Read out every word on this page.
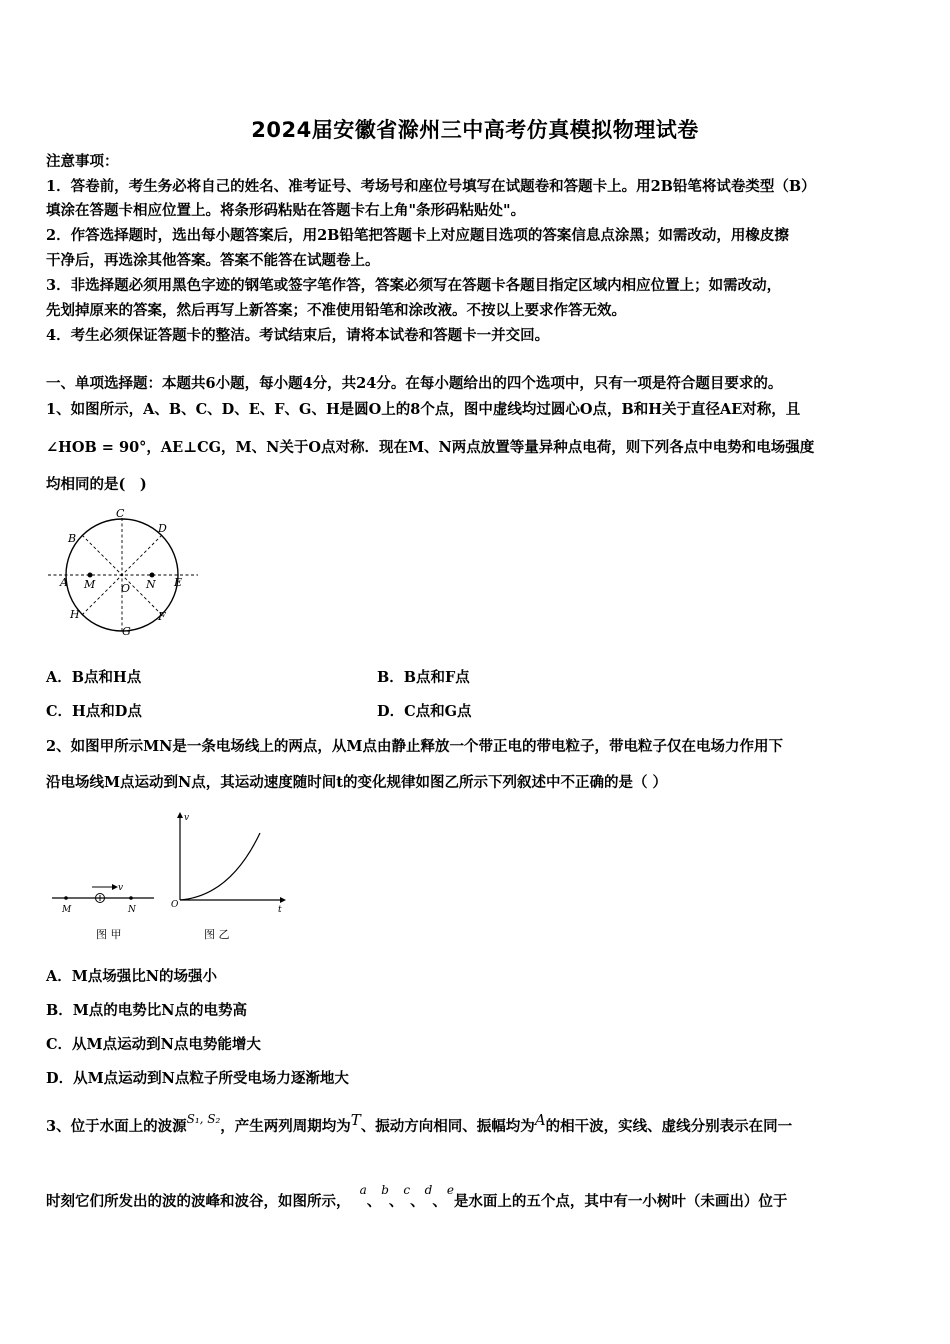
2024届安徽省滁州三中高考仿真模拟物理试卷
注意事项：
1．答卷前，考生务必将自己的姓名、准考证号、考场号和座位号填写在试题卷和答题卡上。用2B铅笔将试卷类型（B）
填涂在答题卡相应位置上。将条形码粘贴在答题卡右上角"条形码粘贴处"。
2．作答选择题时，选出每小题答案后，用2B铅笔把答题卡上对应题目选项的答案信息点涂黑；如需改动，用橡皮擦
干净后，再选涂其他答案。答案不能答在试题卷上。
3．非选择题必须用黑色字迹的钢笔或签字笔作答，答案必须写在答题卡各题目指定区域内相应位置上；如需改动，
先划掉原来的答案，然后再写上新答案；不准使用铅笔和涂改液。不按以上要求作答无效。
4．考生必须保证答题卡的整洁。考试结束后，请将本试卷和答题卡一并交回。
一、单项选择题：本题共6小题，每小题4分，共24分。在每小题给出的四个选项中，只有一项是符合题目要求的。
1、如图所示，A、B、C、D、E、F、G、H是圆O上的8个点，图中虚线均过圆心O点，B和H关于直径AE对称，且
∠HOB = 90°，AE⊥CG，M、N关于O点对称．现在M、N两点放置等量异种点电荷，则下列各点中电势和电场强度
均相同的是(　)
C
D
B
A	E
M	N
O
H	F
G
A．B点和H点	B．B点和F点
C．H点和D点	D．C点和G点
2、如图甲所示MN是一条电场线上的两点，从M点由静止释放一个带正电的带电粒子，带电粒子仅在电场力作用下
沿电场线M点运动到N点，其运动速度随时间t的变化规律如图乙所示下列叙述中不正确的是（ ）
M	N
v
图 甲
v
O	t
图 乙
A．M点场强比N的场强小
B．M点的电势比N点的电势高
C．从M点运动到N点电势能增大
D．从M点运动到N点粒子所受电场力逐渐地大
3、位于水面上的波源$^{S_1, S_2}$，产生两列周期均为T、振动方向相同、振幅均为A的相干波，实线、虚线分别表示在同一
时刻它们所发出的波的波峰和波谷，如图所示， $^a$、$^b$、$^c$、$^d$、$^e$是水面上的五个点，其中有一小树叶（未画出）位于
